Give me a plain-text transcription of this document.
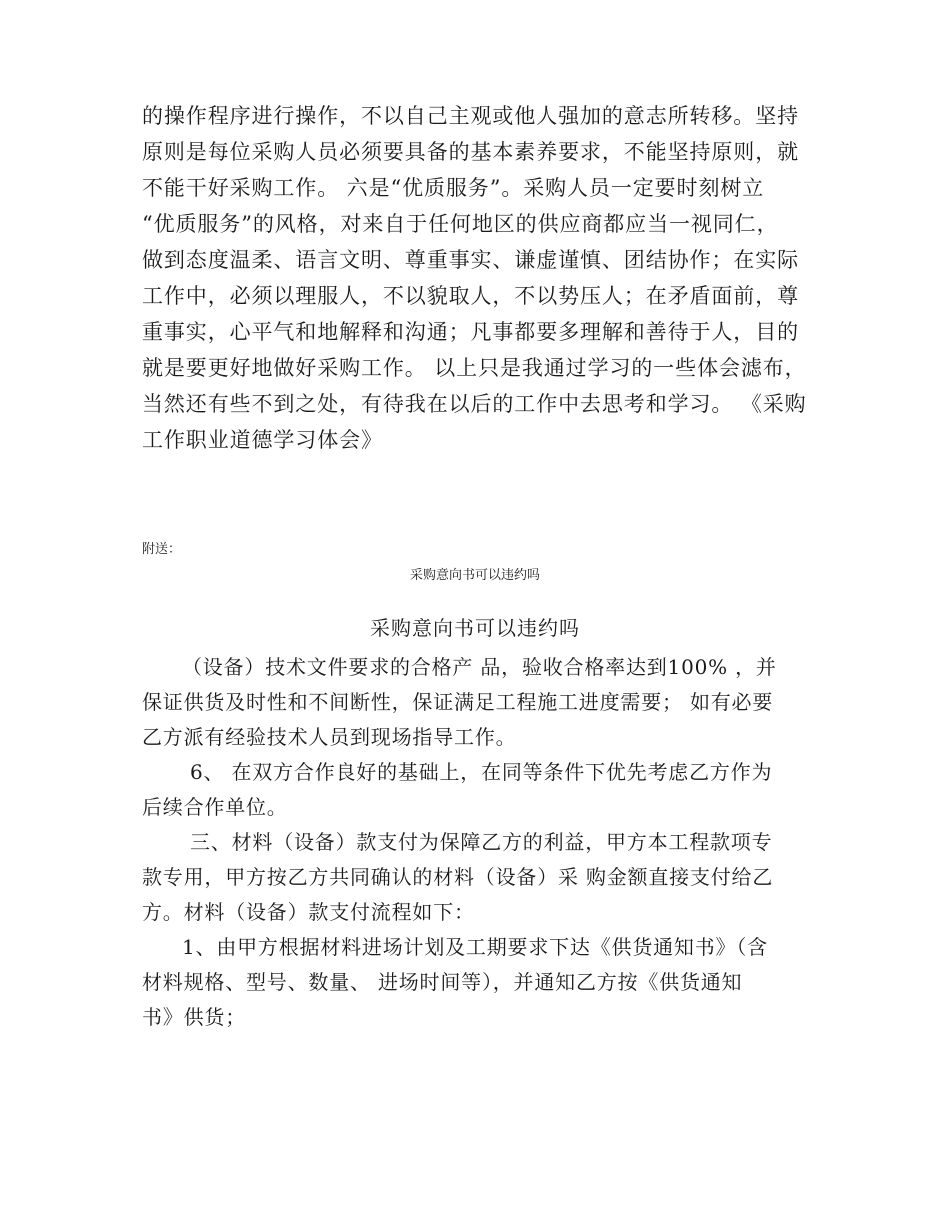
的操作程序进行操作，不以自己主观或他人强加的意志所转移。坚持
原则是每位采购人员必须要具备的基本素养要求，不能坚持原则，就
不能干好采购工作。 六是“优质服务”。采购人员一定要时刻树立
“优质服务”的风格，对来自于任何地区的供应商都应当一视同仁，
做到态度温柔、语言文明、尊重事实、谦虚谨慎、团结协作；在实际
工作中，必须以理服人，不以貌取人，不以势压人；在矛盾面前，尊
重事实，心平气和地解释和沟通；凡事都要多理解和善待于人，目的
就是要更好地做好采购工作。 以上只是我通过学习的一些体会滤布，
当然还有些不到之处，有待我在以后的工作中去思考和学习。 《采购
工作职业道德学习体会》
附送：
采购意向书可以违约吗
采购意向书可以违约吗
（设备）技术文件要求的合格产 品，验收合格率达到100% ，并
保证供货及时性和不间断性，保证满足工程施工进度需要； 如有必要
乙方派有经验技术人员到现场指导工作。
6、 在双方合作良好的基础上，在同等条件下优先考虑乙方作为
后续合作单位。
三、材料（设备）款支付为保障乙方的利益，甲方本工程款项专
款专用，甲方按乙方共同确认的材料（设备）采 购金额直接支付给乙
方。材料（设备）款支付流程如下：
1、由甲方根据材料进场计划及工期要求下达《供货通知书》（含
材料规格、型号、数量、 进场时间等），并通知乙方按《供货通知
书》供货；
